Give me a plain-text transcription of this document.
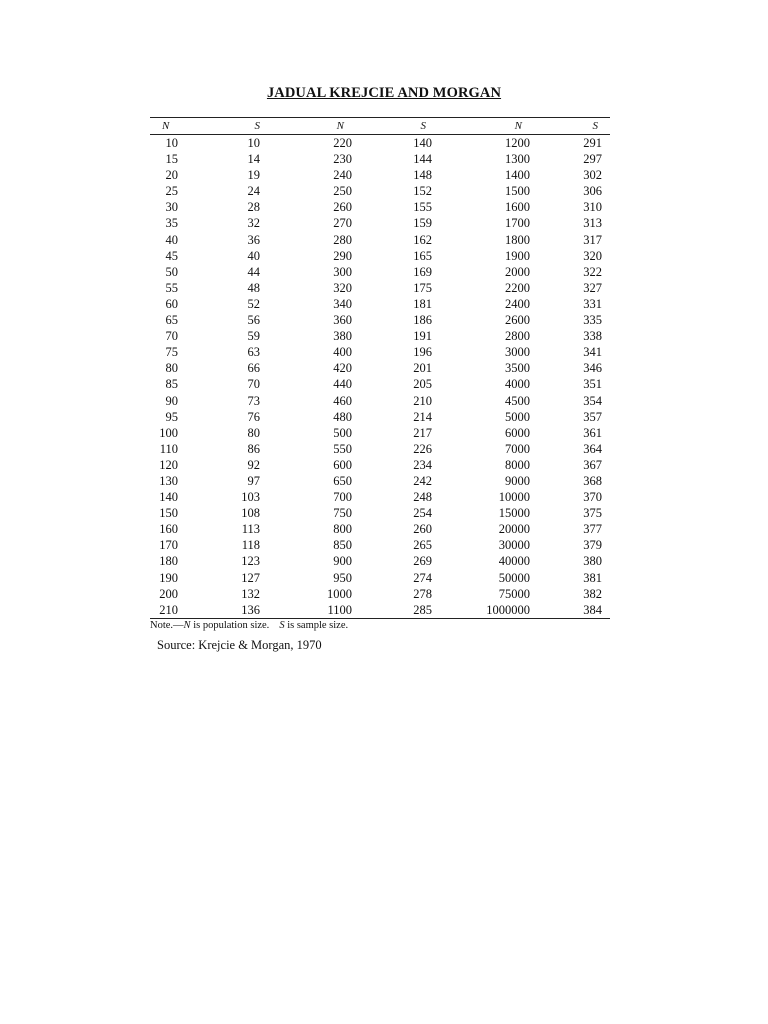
JADUAL KREJCIE AND MORGAN
N	S	N	S	N	S
10	10	220	140	1200	291
15	14	230	144	1300	297
20	19	240	148	1400	302
25	24	250	152	1500	306
30	28	260	155	1600	310
35	32	270	159	1700	313
40	36	280	162	1800	317
45	40	290	165	1900	320
50	44	300	169	2000	322
55	48	320	175	2200	327
60	52	340	181	2400	331
65	56	360	186	2600	335
70	59	380	191	2800	338
75	63	400	196	3000	341
80	66	420	201	3500	346
85	70	440	205	4000	351
90	73	460	210	4500	354
95	76	480	214	5000	357
100	80	500	217	6000	361
110	86	550	226	7000	364
120	92	600	234	8000	367
130	97	650	242	9000	368
140	103	700	248	10000	370
150	108	750	254	15000	375
160	113	800	260	20000	377
170	118	850	265	30000	379
180	123	900	269	40000	380
190	127	950	274	50000	381
200	132	1000	278	75000	382
210	136	1100	285	1000000	384
Note.—N is population size. S is sample size.
Source: Krejcie & Morgan, 1970
